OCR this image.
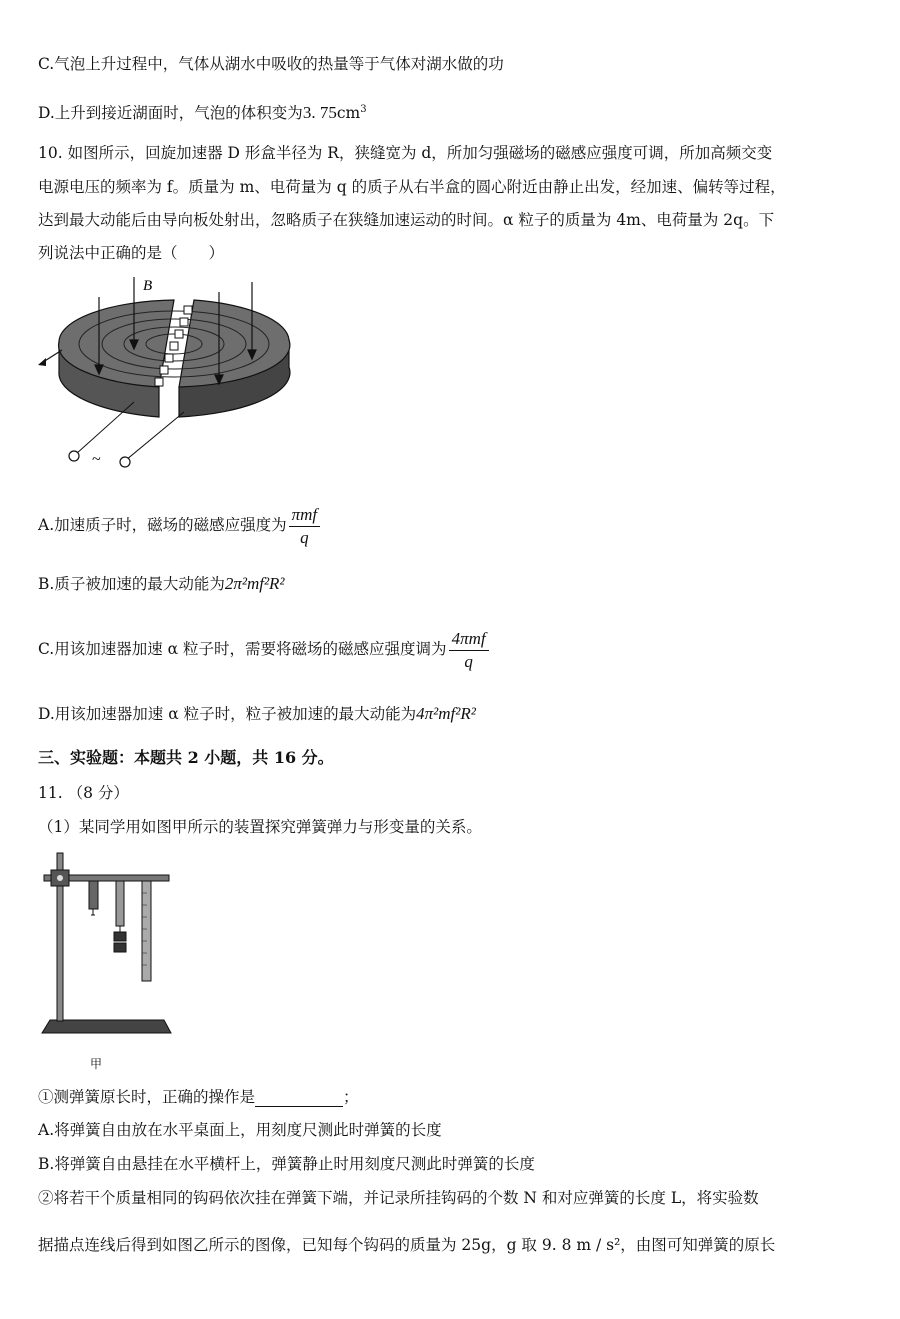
C.气泡上升过程中，气体从湖水中吸收的热量等于气体对湖水做的功
D.上升到接近湖面时，气泡的体积变为3. $75cm^3$
10. 如图所示，回旋加速器 D 形盒半径为 R，狭缝宽为 d，所加匀强磁场的磁感应强度可调，所加高频交变
电源电压的频率为 f。质量为 m、电荷量为 q 的质子从右半盒的圆心附近由静止出发，经加速、偏转等过程，
达到最大动能后由导向板处射出，忽略质子在狭缝加速运动的时间。α 粒子的质量为 4m、电荷量为 2q。下
列说法中正确的是（　　）
B
~
A.加速质子时，磁场的磁感应强度为 $\frac{\text{πmf}}{q}$
B.质子被加速的最大动能为2π²mf²R²
C.用该加速器加速 α 粒子时，需要将磁场的磁感应强度调为 $\frac{\text{4πmf}}{q}$
D.用该加速器加速 α 粒子时，粒子被加速的最大动能为4π²mf²R²
三、实验题：本题共 2 小题，共 16 分。
11. （8 分）
（1）某同学用如图甲所示的装置探究弹簧弹力与形变量的关系。
甲
①测弹簧原长时，正确的操作是	；
A.将弹簧自由放在水平桌面上，用刻度尺测此时弹簧的长度
B.将弹簧自由悬挂在水平横杆上，弹簧静止时用刻度尺测此时弹簧的长度
②将若干个质量相同的钩码依次挂在弹簧下端，并记录所挂钩码的个数 N 和对应弹簧的长度 L，将实验数
据描点连线后得到如图乙所示的图像，已知每个钩码的质量为 25g，g 取 9. 8 m / s²，由图可知弹簧的原长
